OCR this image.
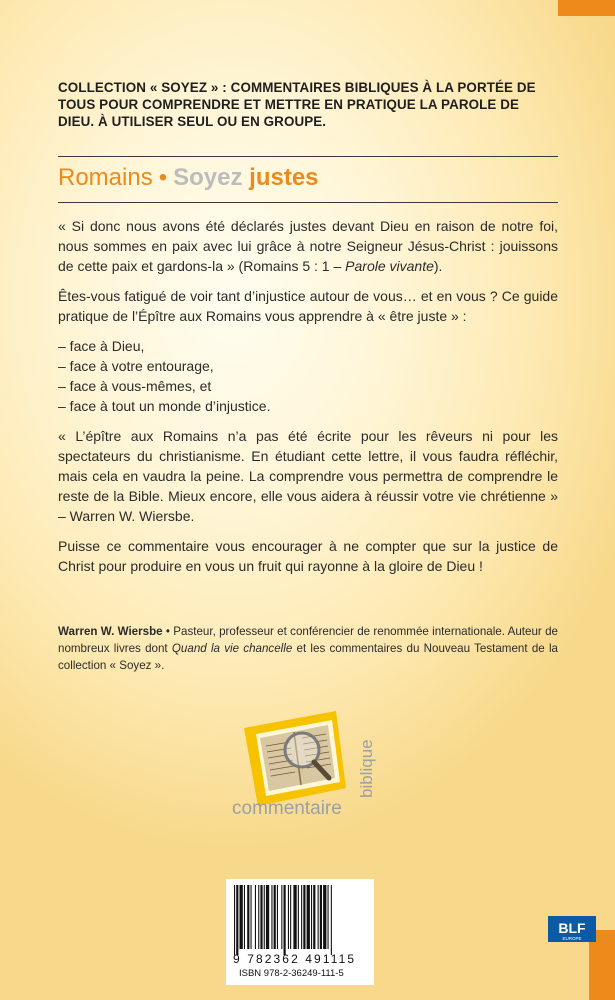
COLLECTION « SOYEZ » : COMMENTAIRES BIBLIQUES À LA PORTÉE DE TOUS POUR COMPRENDRE ET METTRE EN PRATIQUE LA PAROLE DE DIEU. À UTILISER SEUL OU EN GROUPE.
Romains • Soyez justes

« Si donc nous avons été déclarés justes devant Dieu en raison de notre foi, nous sommes en paix avec lui grâce à notre Seigneur Jésus-Christ : jouissons de cette paix et gardons-la » (Romains 5 : 1 – Parole vivante).

Êtes-vous fatigué de voir tant d’injustice autour de vous… et en vous ? Ce guide pratique de l’Épître aux Romains vous apprendre à « être juste » :

– face à Dieu,
– face à votre entourage,
– face à vous-mêmes, et
– face à tout un monde d’injustice.

« L’épître aux Romains n’a pas été écrite pour les rêveurs ni pour les spectateurs du christianisme. En étudiant cette lettre, il vous faudra réfléchir, mais cela en vaudra la peine. La comprendre vous permettra de comprendre le reste de la Bible. Mieux encore, elle vous aidera à réussir votre vie chrétienne » – Warren W. Wiersbe.

Puisse ce commentaire vous encourager à ne compter que sur la justice de Christ pour produire en vous un fruit qui rayonne à la gloire de Dieu !

Warren W. Wiersbe • Pasteur, professeur et conférencier de renommée internationale. Auteur de nombreux livres dont Quand la vie chancelle et les commentaires du Nouveau Testament de la collection « Soyez ».
biblique
commentaire
9 782362 491115
ISBN 978-2-36249-111-5
BLF
EUROPE
